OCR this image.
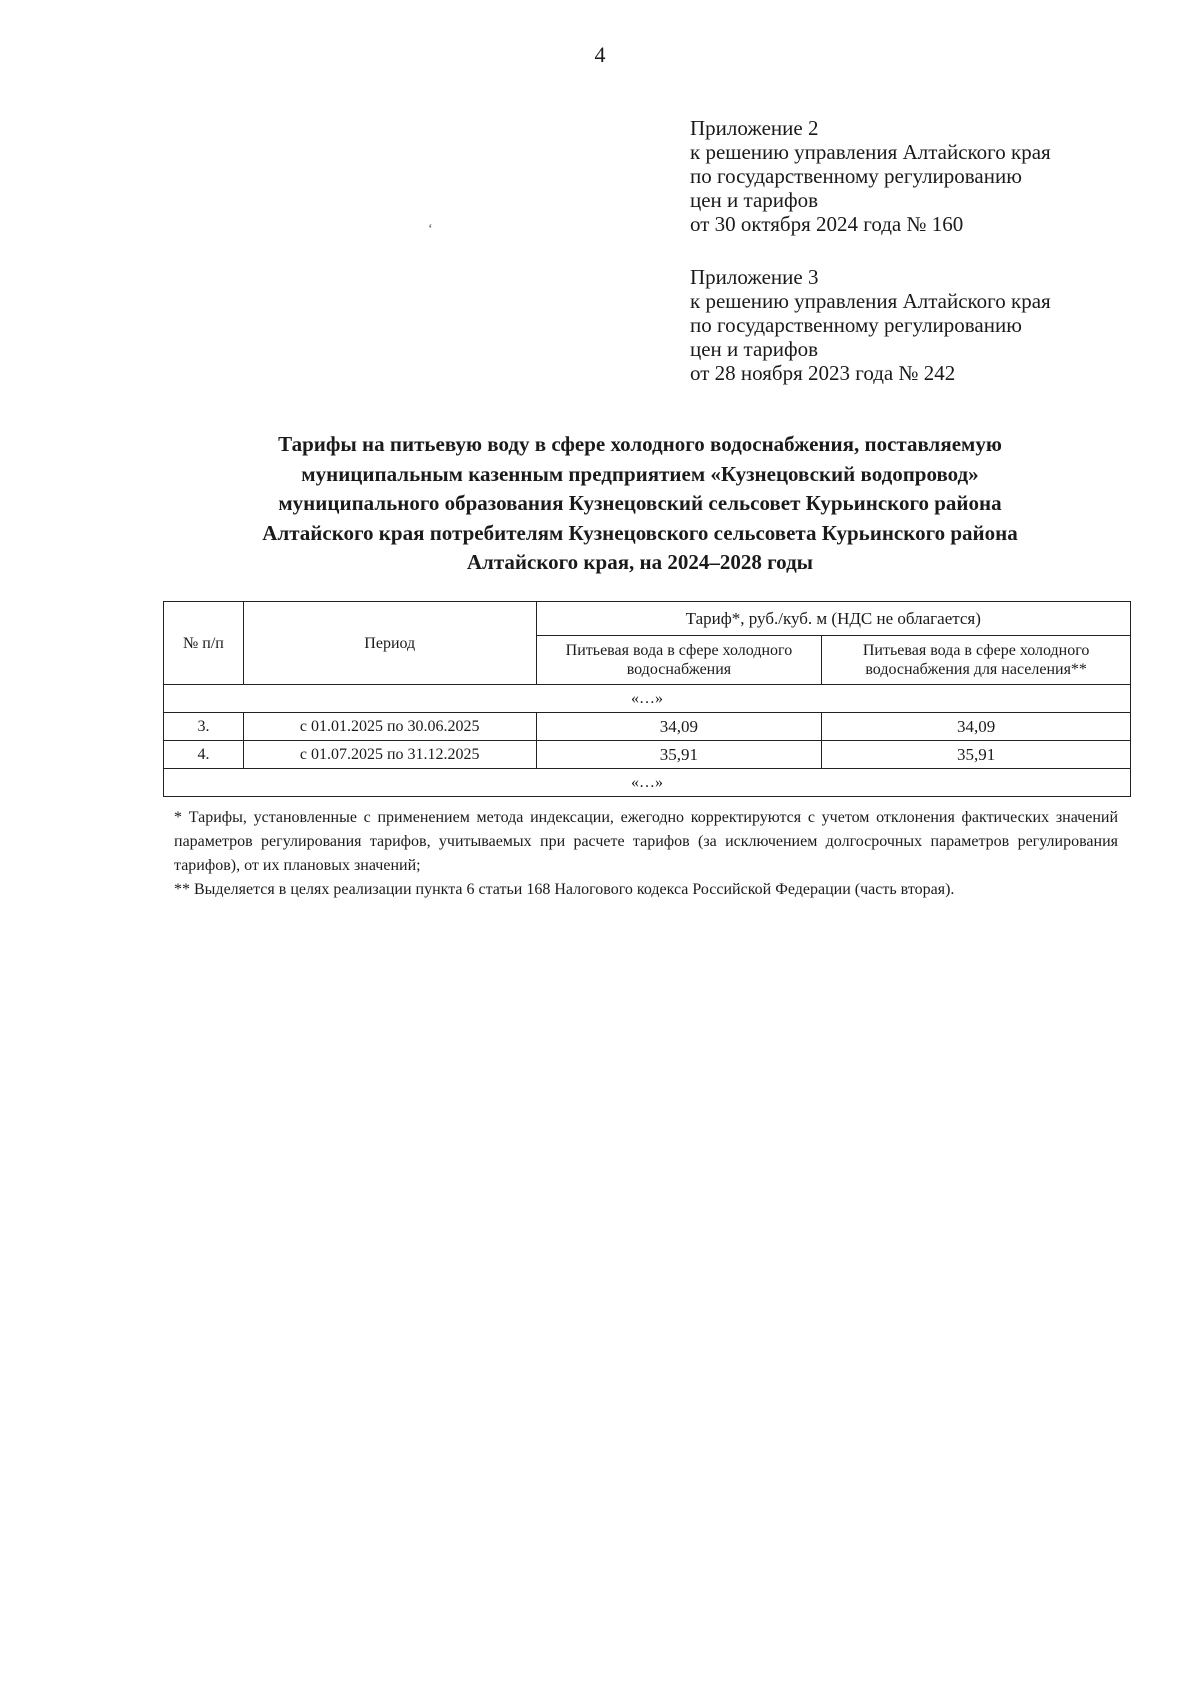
4
Приложение 2
к решению управления Алтайского края
по государственному регулированию
цен и тарифов
от 30 октября 2024 года № 160
‘
Приложение 3
к решению управления Алтайского края
по государственному регулированию
цен и тарифов
от 28 ноября 2023 года № 242
Тарифы на питьевую воду в сфере холодного водоснабжения, поставляемую
муниципальным казенным предприятием «Кузнецовский водопровод»
муниципального образования Кузнецовский сельсовет Курьинского района
Алтайского края потребителям Кузнецовского сельсовета Курьинского района
Алтайского края, на 2024–2028 годы
№ п/п	Период	Тариф*, руб./куб. м (НДС не облагается)	
		Питьевая вода в сфере холодного водоснабжения	Питьевая вода в сфере холодного водоснабжения для населения**
«…»			
3.	с 01.01.2025 по 30.06.2025	34,09	34,09
4.	с 01.07.2025 по 31.12.2025	35,91	35,91
«…»			

* Тарифы, установленные с применением метода индексации, ежегодно корректируются с учетом отклонения фактических значений параметров регулирования тарифов, учитываемых при расчете тарифов (за исключением долгосрочных параметров регулирования тарифов), от их плановых значений;

** Выделяется в целях реализации пункта 6 статьи 168 Налогового кодекса Российской Федерации (часть вторая).
